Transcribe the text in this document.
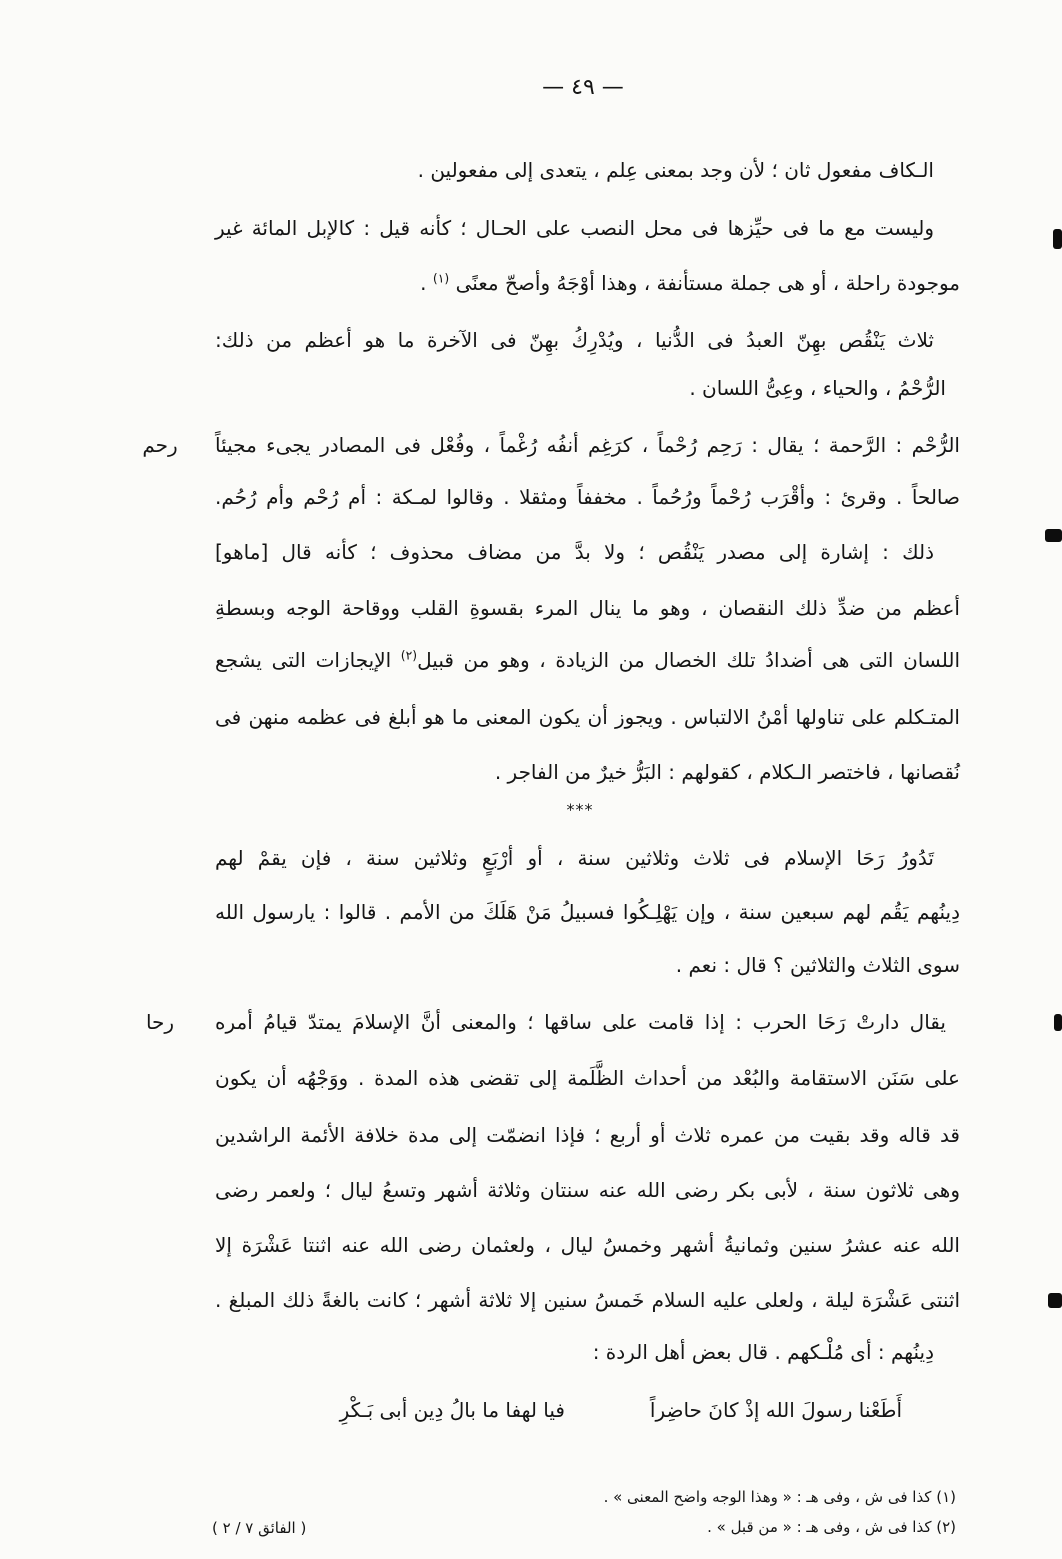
— ٤٩ —
الـكاف مفعول ثان ؛ لأن وجد بمعنى عِلم ، يتعدى إلى مفعولين .
وليست مع ما فى حيِّزها فى محل النصب على الحـال ؛ كأنه قيل : كالإبل المائة غير
موجودة راحلة ، أو هى جملة مستأنفة ، وهذا أوْجَهُ وأصحّ معنًى $^{(١)}$ .
ثلاث يَنْقُص بهِنّ العبدُ فى الدُّنيا ، ويُدْرِكُ بهِنّ فى الآخرة ما هو أعظم من ذلك:
الرُّحْمُ ، والحياء ، وعِىُّ اللسان .
الرُّحْم : الرَّحمة ؛ يقال : رَحِم رُحْماً ، كرَغِم أنفُه رُغْماً ، وفُعْل فى المصادر يجىء مجيئاً
صالحاً . وقرئ : وأقْرَب رُحْماً ورُحُماً . مخففاً ومثقلا . وقالوا لمـكة : أم رُحْم وأم رُحُم.
ذلك : إشارة إلى مصدر يَنْقُص ؛ ولا بدَّ من مضاف محذوف ؛ كأنه قال [ماهو]
أعظم من ضدِّ ذلك النقصان ، وهو ما ينال المرء بقسوةِ القلب ووقاحة الوجه وبسطةِ
اللسان التى هى أضدادُ تلك الخصال من الزيادة ، وهو من قبيل$^{(٢)}$ الإيجازات التى يشجع
المتـكلم على تناولها أمْنُ الالتباس . ويجوز أن يكون المعنى ما هو أبلغ فى عظمه منهن فى
نُقصانها ، فاختصر الـكلام ، كقولهم : البَرُّ خيرٌ من الفاجر .
***
تَدُورُ رَحَا الإسلام فى ثلاث وثلاثين سنة ، أو أرْبَعٍ وثلاثين سنة ، فإن يقمْ لهم
دِينُهم يَقُم لهم سبعين سنة ، وإن يَهْلِـكُوا فسبيلُ مَنْ هَلَكَ من الأمم . قالوا : يارسول الله
سوى الثلاث والثلاثين ؟ قال : نعم .
يقال دارتْ رَحَا الحرب : إذا قامت على ساقها ؛ والمعنى أنَّ الإسلامَ يمتدّ قيامُ أمره
على سَنَن الاستقامة والبُعْد من أحداث الظَّلَمة إلى تقضى هذه المدة . ووَجْهُه أن يكون
قد قاله وقد بقيت من عمره ثلاث أو أربع ؛ فإذا انضمّت إلى مدة خلافة الأئمة الراشدين
وهى ثلاثون سنة ، لأبى بكر رضى الله عنه سنتان وثلاثة أشهر وتسعُ ليال ؛ ولعمر رضى
الله عنه عشرُ سنين وثمانيةُ أشهر وخمسُ ليال ، ولعثمان رضى الله عنه اثنتا عَشْرَة إلا
اثنتى عَشْرَة ليلة ، ولعلى عليه السلام خَمسُ سنين إلا ثلاثة أشهر ؛ كانت بالغةً ذلك المبلغ .
دِينُهم : أى مُلْـكهم . قال بعض أهل الردة :
أَطَعْنا رسولَ الله إذْ كانَ حاضِراً
فيا لهفا ما بالُ دِين أبى بَـكْرِ
رحم
رحا
(١) كذا فى ش ، وفى هـ : « وهذا الوجه واضح المعنى » .
(٢) كذا فى ش ، وفى هـ : « من قبل » .
( الفائق ٧ / ٢ )
